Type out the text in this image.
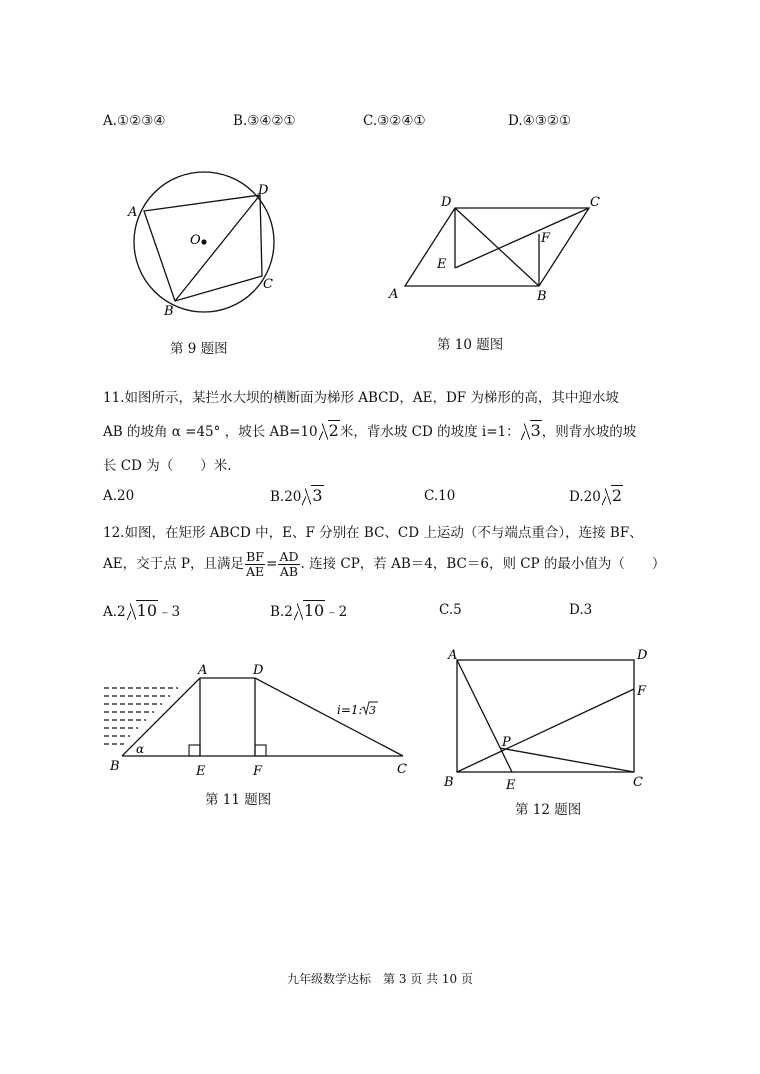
A.①②③④	B.③④②①	C.③②④①	D.④③②①
A
D
C
B
O
第 9 题图
D	C
F
E
A	B
第 10 题图
11.如图所示，某拦水大坝的横断面为梯形 ABCD，AE，DF 为梯形的高，其中迎水坡
AB 的坡角 α =45° ，坡长 AB=10 2米，背水坡 CD 的坡度 i=1： 3，则背水坡的坡
长 CD 为（　　）米.
A.20	B.20 3	C.10	D.20 2
12.如图，在矩形 ABCD 中，E、F 分别在 BC、CD 上运动（不与端点重合），连接 BF、
AE，交于点 P，且满足 $\frac{BF}{AE} = \frac{AD}{AB}$ . 连接 CP，若 AB＝4，BC＝6，则 CP 的最小值为（　　）
A.2 10﹣3	B.2 10﹣2	C.5	D.3
A	D
B	E	F	C
α
i=1: 3
第 11 题图
A	D
F
P
B	E	C
第 12 题图
九年级数学达标　第 3 页 共 10 页
